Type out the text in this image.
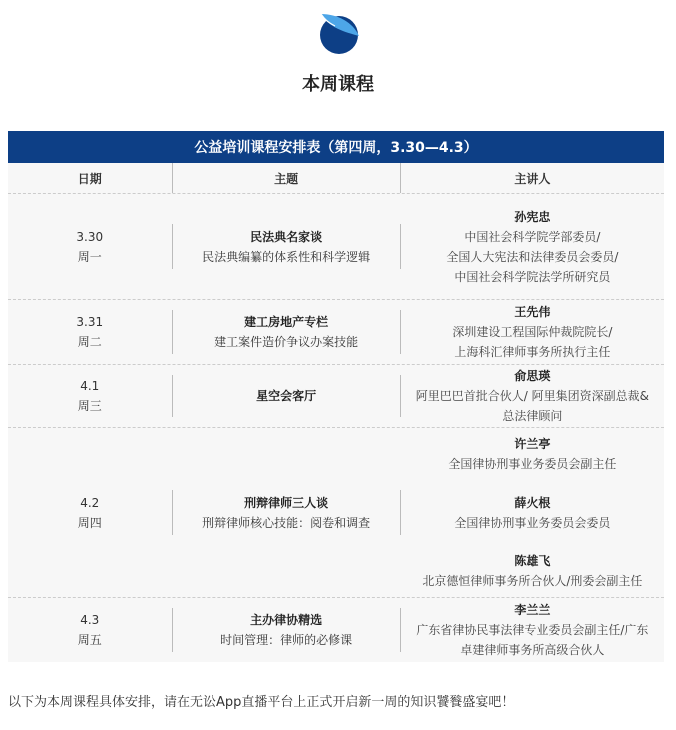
本周课程
公益培训课程安排表（第四周，3.30—4.3）
日期	主题	主讲人
3.30
周一
民法典名家谈
民法典编纂的体系性和科学逻辑
孙宪忠
中国社会科学院学部委员/
全国人大宪法和法律委员会委员/
中国社会科学院法学所研究员
3.31
周二
建工房地产专栏
建工案件造价争议办案技能
王先伟
深圳建设工程国际仲裁院院长/
上海科汇律师事务所执行主任
4.1
周三
星空会客厅
俞思瑛
阿里巴巴首批合伙人/ 阿里集团资深副总裁&
总法律顾问
4.2
周四
刑辩律师三人谈
刑辩律师核心技能：阅卷和调查
许兰亭
全国律协刑事业务委员会副主任
薛火根
全国律协刑事业务委员会委员
陈雄飞
北京德恒律师事务所合伙人/刑委会副主任
4.3
周五
主办律协精选
时间管理：律师的必修课
李兰兰
广东省律协民事法律专业委员会副主任/广东
卓建律师事务所高级合伙人
以下为本周课程具体安排，请在无讼App直播平台上正式开启新一周的知识饕餮盛宴吧！
